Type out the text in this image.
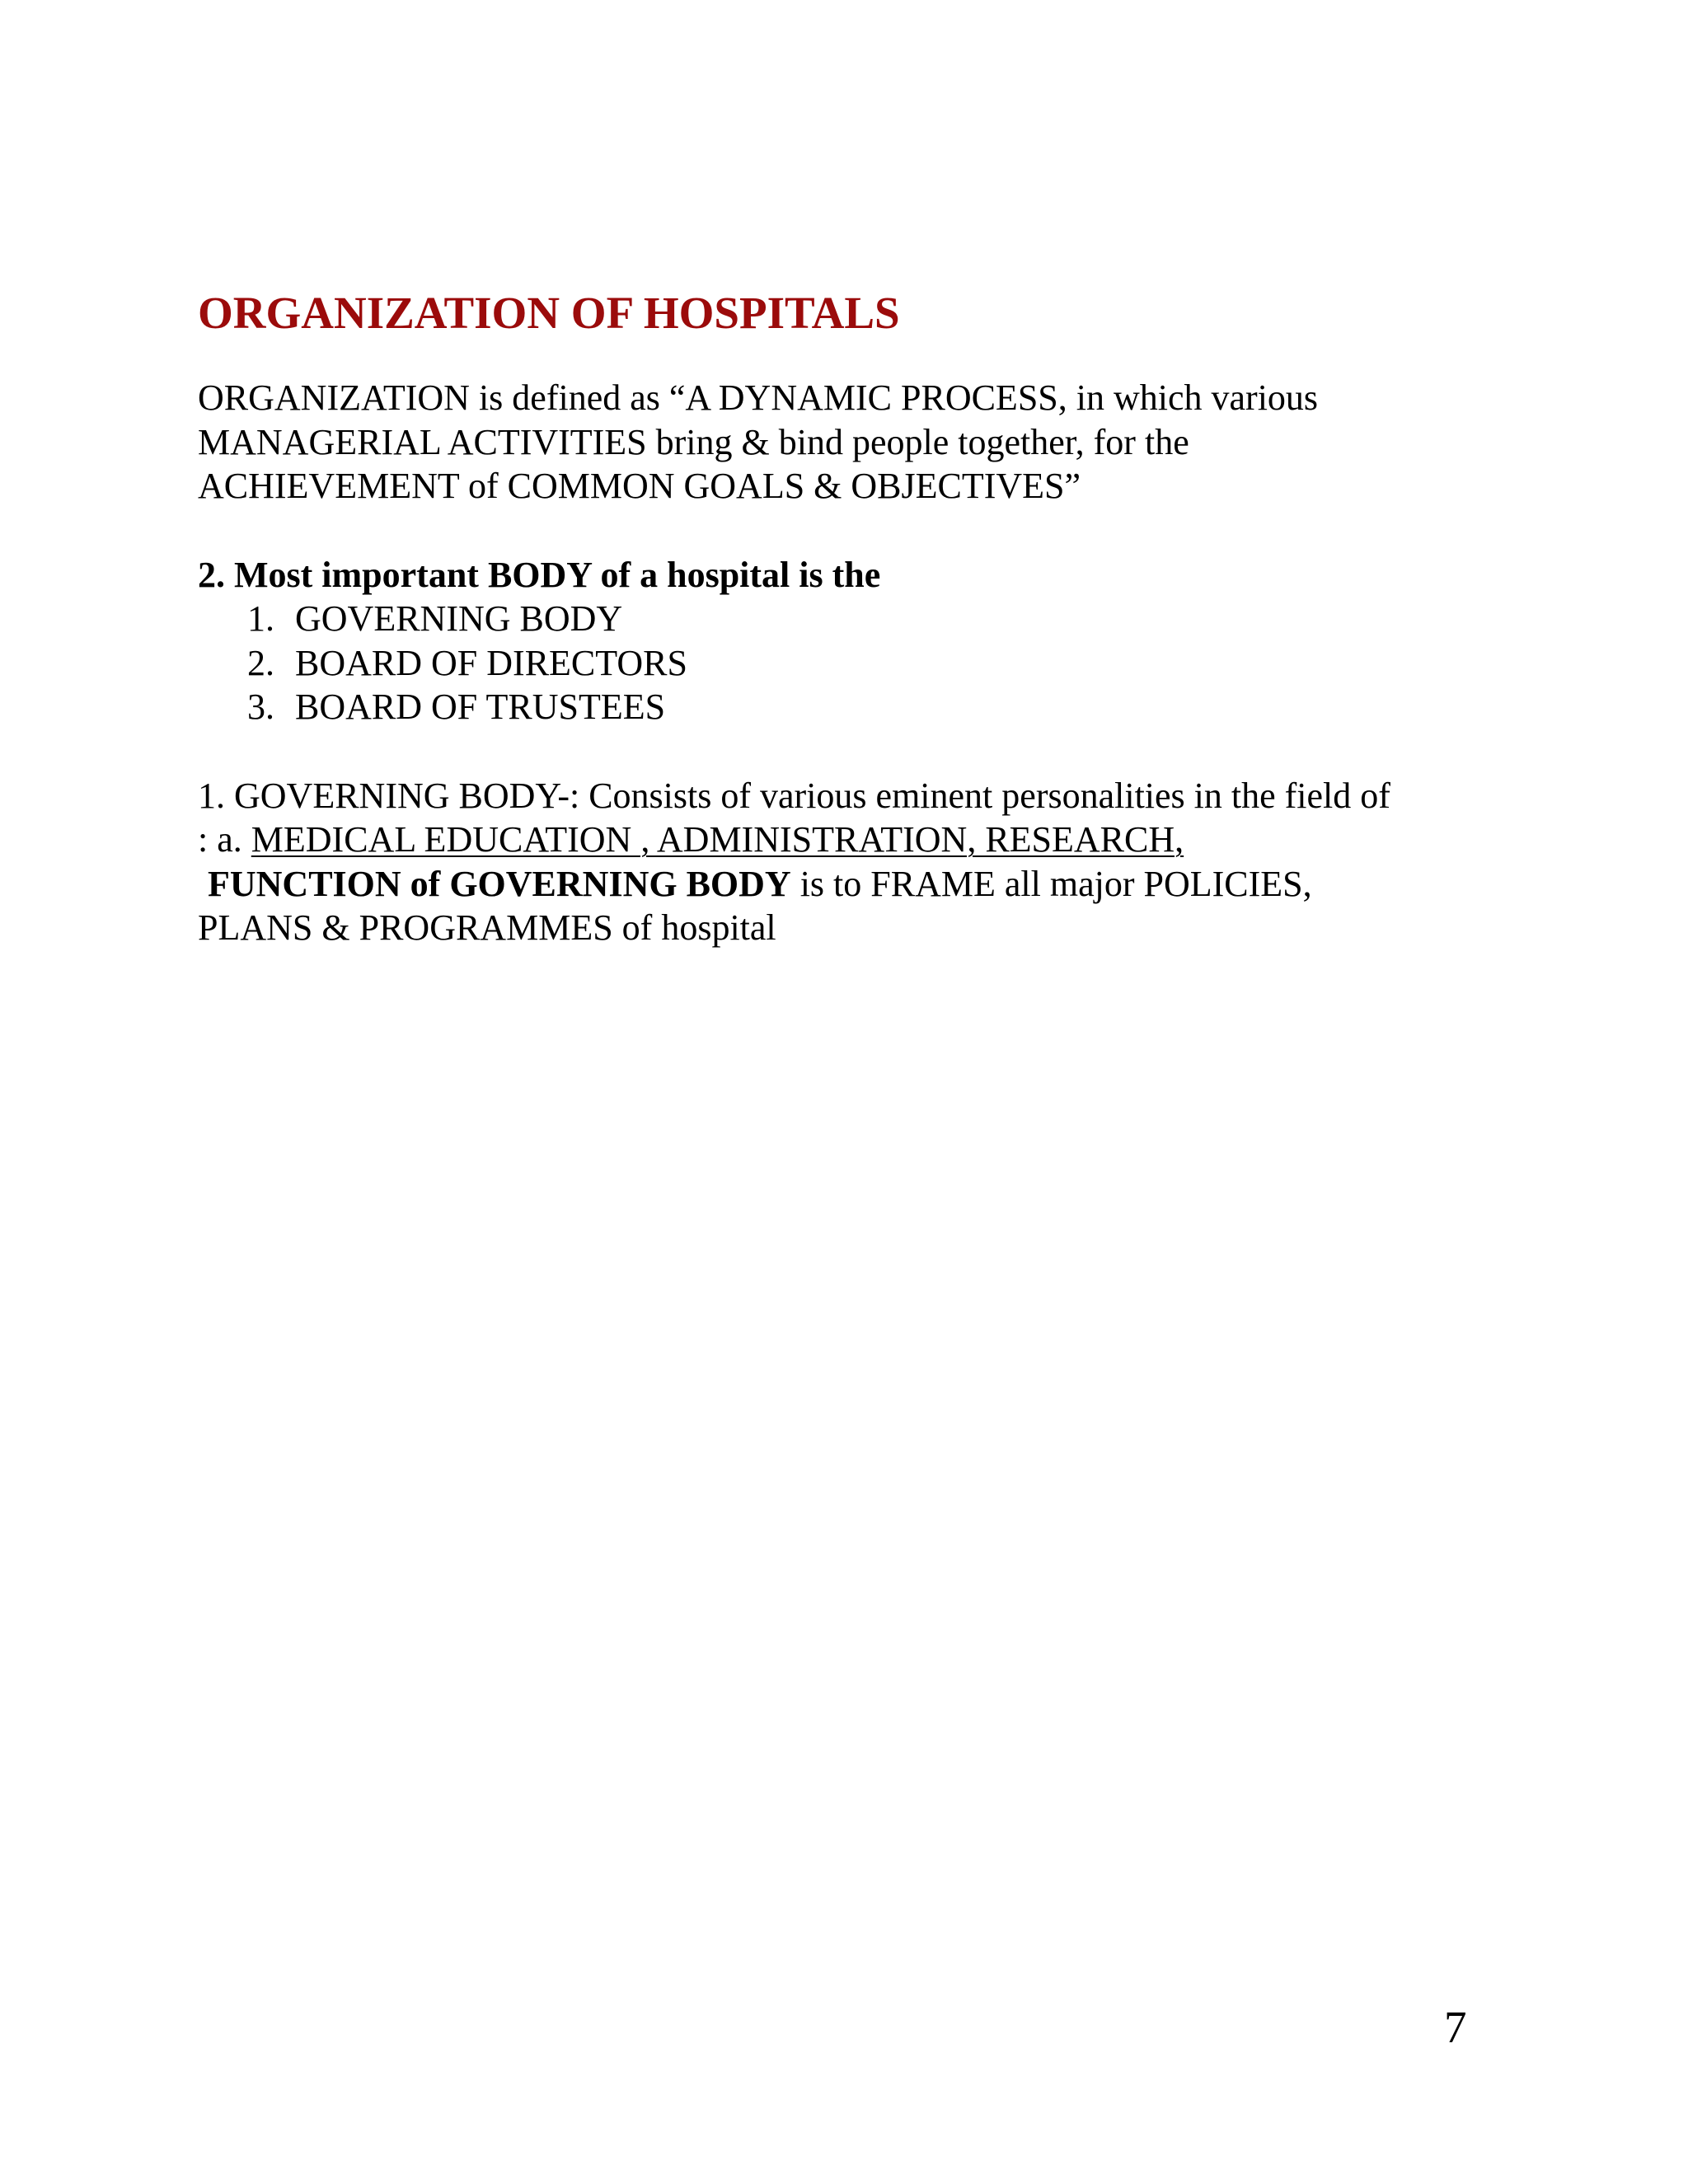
ORGANIZATION OF HOSPITALS

ORGANIZATION is defined as “A DYNAMIC PROCESS, in which various

MANAGERIAL ACTIVITIES bring & bind people together, for the

ACHIEVEMENT of COMMON GOALS & OBJECTIVES”

2. Most important BODY of a hospital is the

1. GOVERNING BODY
2. BOARD OF DIRECTORS
3. BOARD OF TRUSTEES

1. GOVERNING BODY-: Consists of various eminent personalities in the field of

: a. MEDICAL EDUCATION , ADMINISTRATION, RESEARCH,

FUNCTION of GOVERNING BODY is to FRAME all major POLICIES,

PLANS & PROGRAMMES of hospital

7
